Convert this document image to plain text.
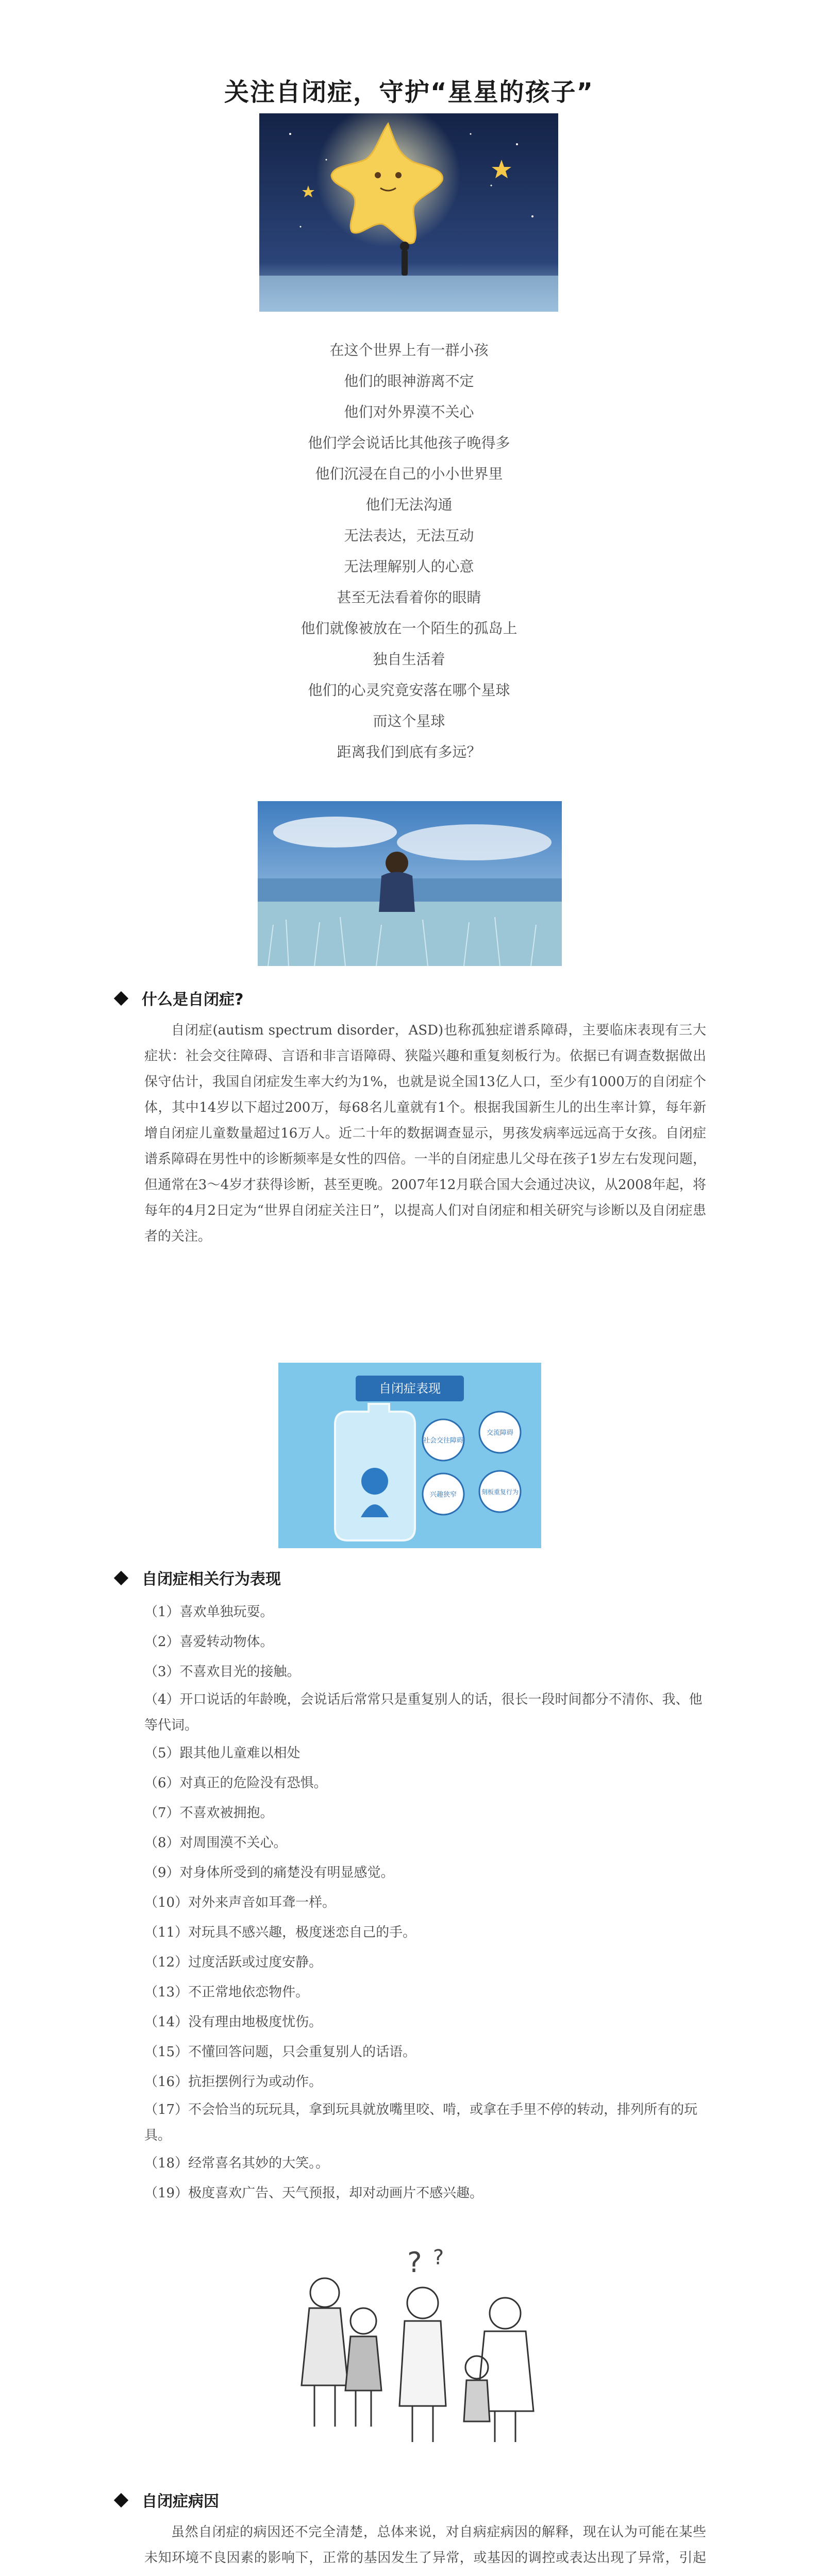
关注自闭症，守护“星星的孩子”
在这个世界上有一群小孩
他们的眼神游离不定
他们对外界漠不关心
他们学会说话比其他孩子晚得多
他们沉浸在自己的小小世界里
他们无法沟通
无法表达，无法互动
无法理解别人的心意
甚至无法看着你的眼睛
他们就像被放在一个陌生的孤岛上
独自生活着
他们的心灵究竟安落在哪个星球
而这个星球
距离我们到底有多远？
什么是自闭症?
自闭症(autism spectrum disorder，ASD)也称孤独症谱系障碍，主要临床表现有三大症状：社会交往障碍、言语和非言语障碍、狭隘兴趣和重复刻板行为。依据已有调查数据做出保守估计，我国自闭症发生率大约为1%，也就是说全国13亿人口，至少有1000万的自闭症个体，其中14岁以下超过200万，每68名儿童就有1个。根据我国新生儿的出生率计算，每年新增自闭症儿童数量超过16万人。近二十年的数据调查显示，男孩发病率远远高于女孩。自闭症谱系障碍在男性中的诊断频率是女性的四倍。一半的自闭症患儿父母在孩子1岁左右发现问题，但通常在3～4岁才获得诊断，甚至更晚。2007年12月联合国大会通过决议，从2008年起，将每年的4月2日定为“世界自闭症关注日”，以提高人们对自闭症和相关研究与诊断以及自闭症患者的关注。
自闭症表现
社会交往障碍
交流障碍
兴趣狭窄	刻板重复行为
自闭症相关行为表现
（1）喜欢单独玩耍。
（2）喜爱转动物体。
（3）不喜欢目光的接触。
（4）开口说话的年龄晚，会说话后常常只是重复别人的话，很长一段时间都分不清你、我、他等代词。
（5）跟其他儿童难以相处
（6）对真正的危险没有恐惧。
（7）不喜欢被拥抱。
（8）对周围漠不关心。
（9）对身体所受到的痛楚没有明显感觉。
（10）对外来声音如耳聋一样。
（11）对玩具不感兴趣，极度迷恋自己的手。
（12）过度活跃或过度安静。
（13）不正常地依恋物件。
（14）没有理由地极度忧伤。
（15）不懂回答问题，只会重复别人的话语。
（16）抗拒摆例行为或动作。
（17）不会恰当的玩玩具，拿到玩具就放嘴里咬、啃，或拿在手里不停的转动，排列所有的玩具。
（18）经常喜名其妙的大笑。。
（19）极度喜欢广告、天气预报，却对动画片不感兴趣。
? ?
自闭症病因
虽然自闭症的病因还不完全清楚，总体来说，对自病症病因的解释，现在认为可能在某些未知环境不良因素的影响下，正常的基因发生了异常，或基因的调控或表达出现了异常，引起
